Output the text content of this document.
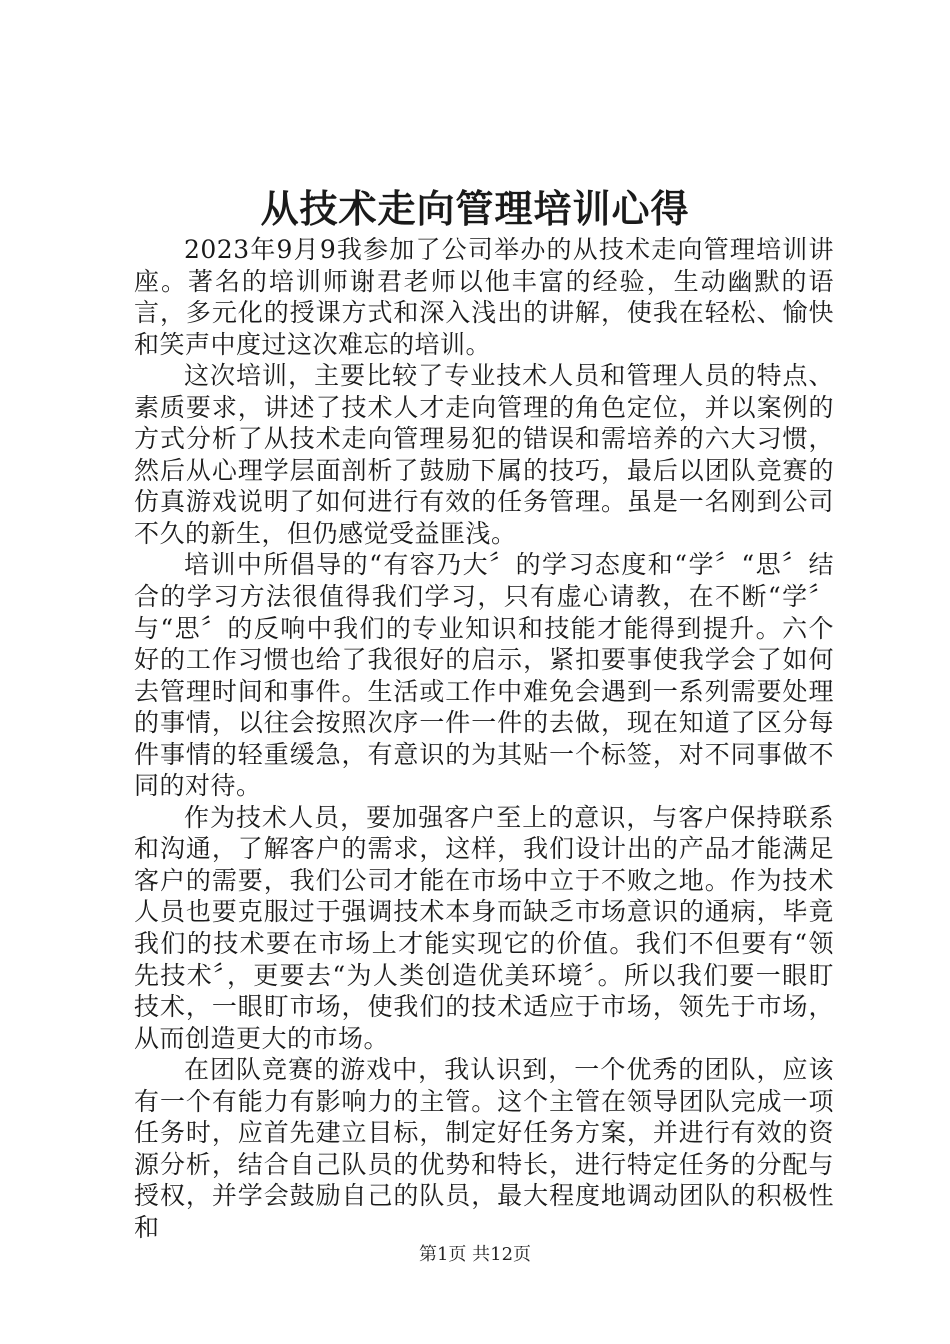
从技术走向管理培训心得

2023年9月9我参加了公司举办的从技术走向管理培训讲座。著名的培训师谢君老师以他丰富的经验，生动幽默的语言，多元化的授课方式和深入浅出的讲解，使我在轻松、愉快和笑声中度过这次难忘的培训。

这次培训，主要比较了专业技术人员和管理人员的特点、素质要求，讲述了技术人才走向管理的角色定位，并以案例的方式分析了从技术走向管理易犯的错误和需培养的六大习惯，然后从心理学层面剖析了鼓励下属的技巧，最后以团队竞赛的仿真游戏说明了如何进行有效的任务管理。虽是一名刚到公司不久的新生，但仍感觉受益匪浅。

培训中所倡导的“有容乃大〞的学习态度和“学〞“思〞结合的学习方法很值得我们学习，只有虚心请教，在不断“学〞与“思〞的反响中我们的专业知识和技能才能得到提升。六个好的工作习惯也给了我很好的启示，紧扣要事使我学会了如何去管理时间和事件。生活或工作中难免会遇到一系列需要处理的事情，以往会按照次序一件一件的去做，现在知道了区分每件事情的轻重缓急，有意识的为其贴一个标签，对不同事做不同的对待。

作为技术人员，要加强客户至上的意识，与客户保持联系和沟通，了解客户的需求，这样，我们设计出的产品才能满足客户的需要，我们公司才能在市场中立于不败之地。作为技术人员也要克服过于强调技术本身而缺乏市场意识的通病，毕竟我们的技术要在市场上才能实现它的价值。我们不但要有“领先技术〞，更要去“为人类创造优美环境〞。所以我们要一眼盯技术，一眼盯市场，使我们的技术适应于市场，领先于市场，从而创造更大的市场。

在团队竞赛的游戏中，我认识到，一个优秀的团队，应该有一个有能力有影响力的主管。这个主管在领导团队完成一项任务时，应首先建立目标，制定好任务方案，并进行有效的资源分析，结合自己队员的优势和特长，进行特定任务的分配与授权，并学会鼓励自己的队员，最大程度地调动团队的积极性和

第1页 共12页
